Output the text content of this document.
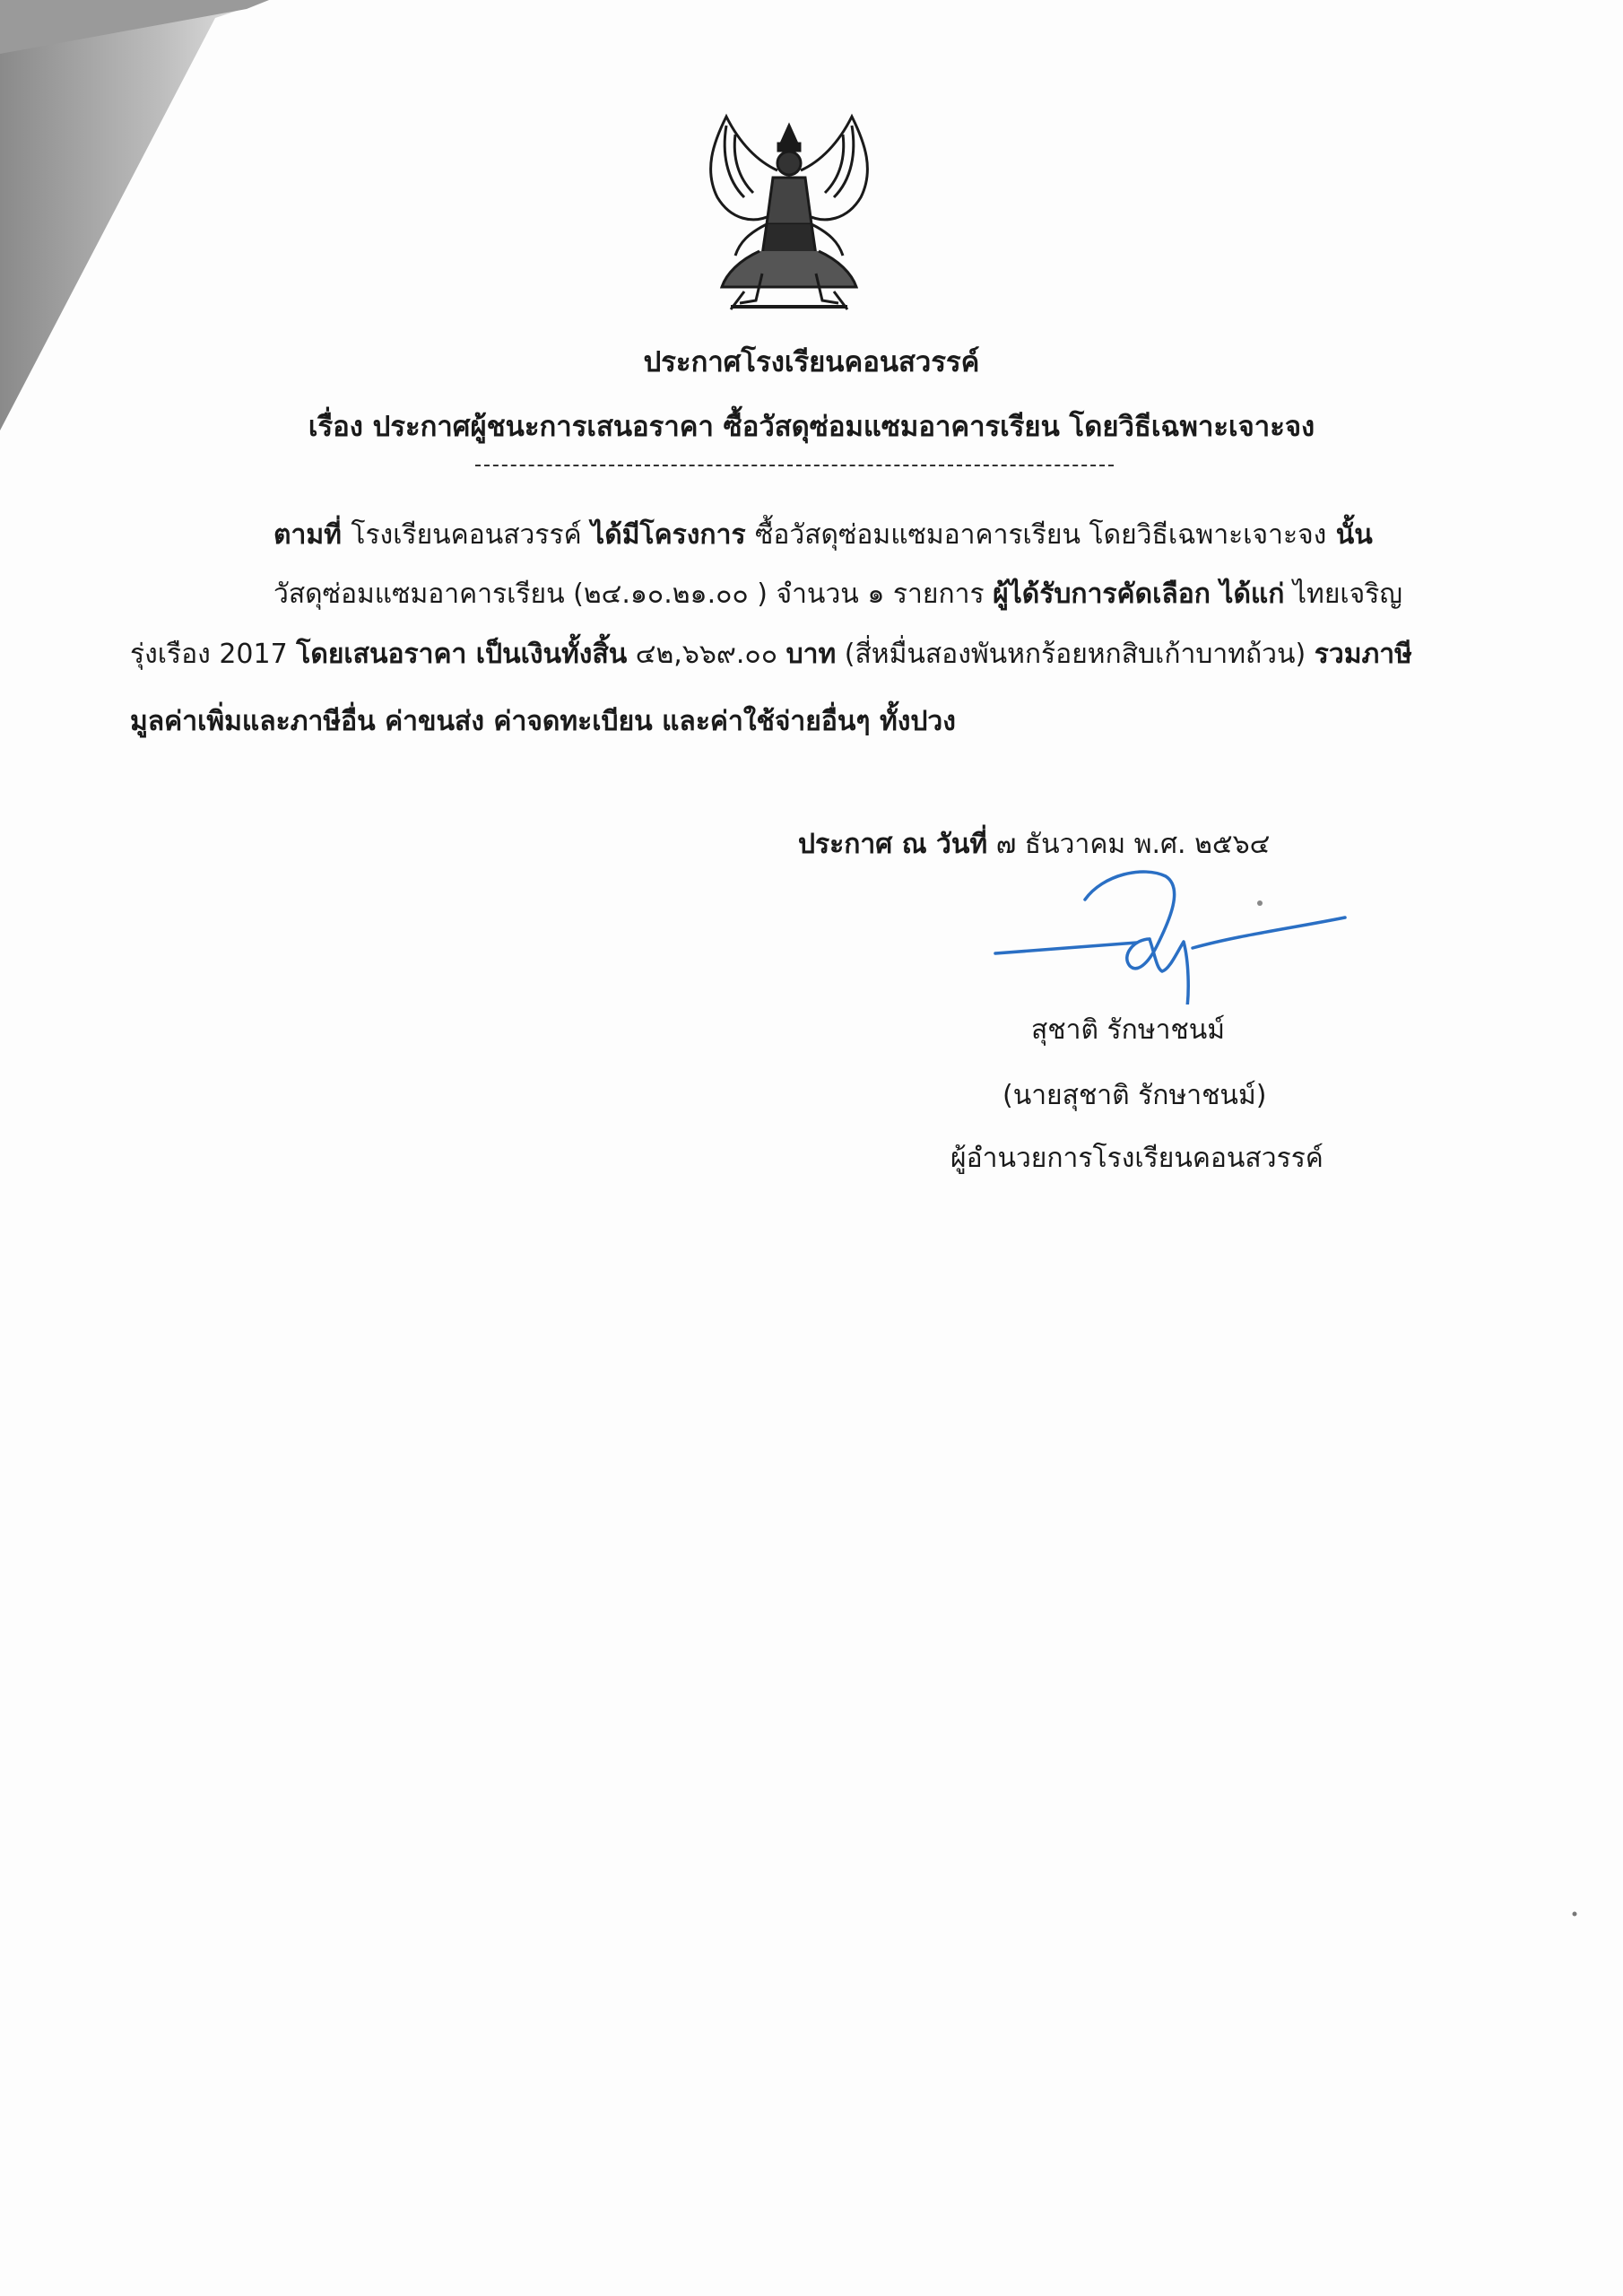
ประกาศโรงเรียนคอนสวรรค์
เรื่อง ประกาศผู้ชนะการเสนอราคา ซื้อวัสดุซ่อมแซมอาคารเรียน โดยวิธีเฉพาะเจาะจง
ตามที่ โรงเรียนคอนสวรรค์ ได้มีโครงการ ซื้อวัสดุซ่อมแซมอาคารเรียน โดยวิธีเฉพาะเจาะจง นั้น
วัสดุซ่อมแซมอาคารเรียน (๒๔.๑๐.๒๑.๐๐ ) จำนวน ๑ รายการ ผู้ได้รับการคัดเลือก ได้แก่ ไทยเจริญ
รุ่งเรือง 2017 โดยเสนอราคา เป็นเงินทั้งสิ้น ๔๒,๖๖๙.๐๐ บาท (สี่หมื่นสองพันหกร้อยหกสิบเก้าบาทถ้วน) รวมภาษี
มูลค่าเพิ่มและภาษีอื่น ค่าขนส่ง ค่าจดทะเบียน และค่าใช้จ่ายอื่นๆ ทั้งปวง
ประกาศ ณ วันที่ ๗ ธันวาคม พ.ศ. ๒๕๖๔
สุชาติ รักษาชนม์
(นายสุชาติ รักษาชนม์)
ผู้อำนวยการโรงเรียนคอนสวรรค์
